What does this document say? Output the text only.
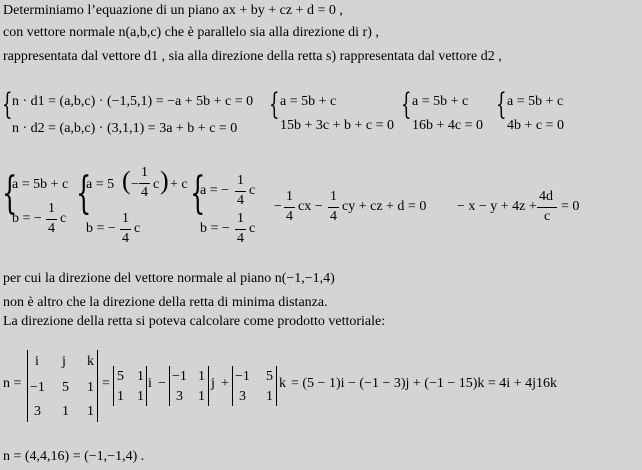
Determiniamo l’equazione di un piano ax + by + cz + d = 0 ,
con vettore normale n(a,b,c) che è parallelo sia alla direzione di r) ,
rappresentata dal vettore d1 , sia alla direzione della retta s) rappresentata dal vettore d2 ,
{ n · d1 = (a,b,c) · (−1,5,1) = −a + 5b + c = 0
n · d2 = (a,b,c) · (3,1,1) = 3a + b + c = 0
{ a = 5b + c
15b + 3c + b + c = 0
{ a = 5b + c
16b + 4c = 0
{ a = 5b + c
4b + c = 0
{
a = 5b + c
b = −
1
4
c {
a = 5 ( −
1
4
c ) + c
b = −
1
4
c
{
a = −
1
4
c
b = −
1
4
c
−
1
4
cx −
1
4
cy + cz + d = 0 − x − y + 4z +
4d
c
= 0
per cui la direzione del vettore normale al piano n(−1,−1,4)
non è altro che la direzione della retta di minima distanza.
La direzione della retta si poteva calcolare come prodotto vettoriale:
n =
i j k
−1 5 1
3 1 1
= 5 1
1 1
i − −1 1
3 1
j + −1 5
3 1
k = (5 − 1)i − (−1 − 3)j + (−1 − 15)k = 4i + 4j16k
n = (4,4,16) = (−1,−1,4) .
